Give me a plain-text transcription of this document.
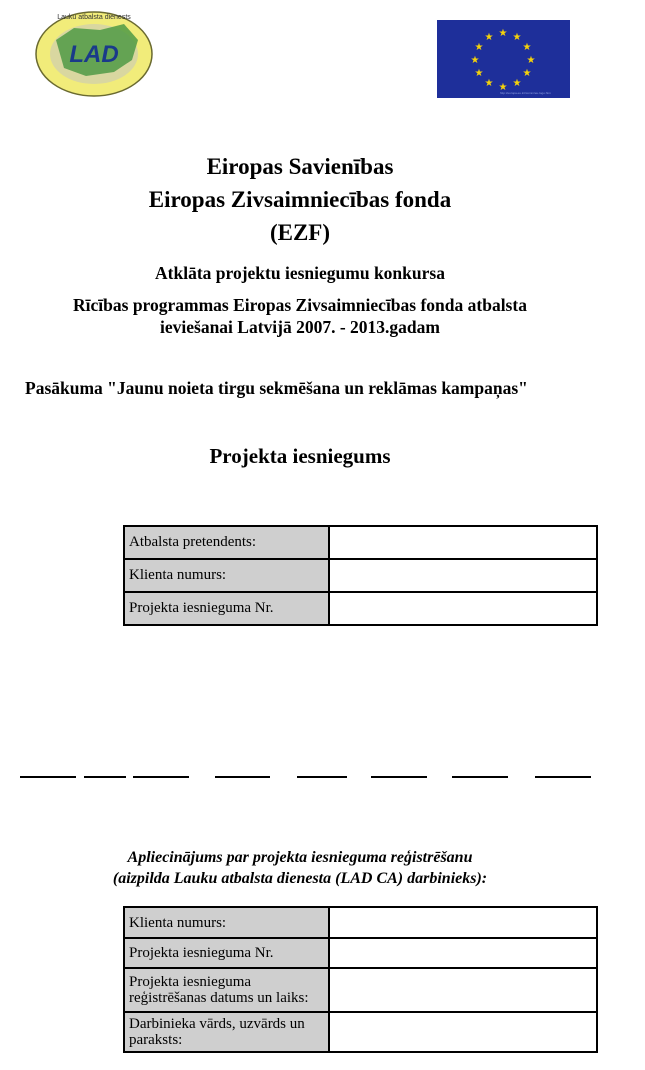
LAD
Lauku atbalsta dienests
★ ★
★
★
★
★
★
★
★
★
★
★
http://europa.eu.int/comm/eu-logo.htm
Eiropas Savienības
Eiropas Zivsaimniecības fonda
(EZF)
Atklāta projektu iesniegumu konkursa
Rīcības programmas Eiropas Zivsaimniecības fonda atbalsta
ieviešanai Latvijā 2007. - 2013.gadam
Pasākuma "Jaunu noieta tirgu sekmēšana un reklāmas kampaņas"
Projekta iesniegums
Atbalsta pretendents:	
Klienta numurs:	
Projekta iesnieguma Nr.	
Apliecinājums par projekta iesnieguma reģistrēšanu
(aizpilda Lauku atbalsta dienesta (LAD CA) darbinieks):
Klienta numurs:	
Projekta iesnieguma Nr.	
Projekta iesnieguma reģistrēšanas datums un laiks:	
Darbinieka vārds, uzvārds un paraksts:	
